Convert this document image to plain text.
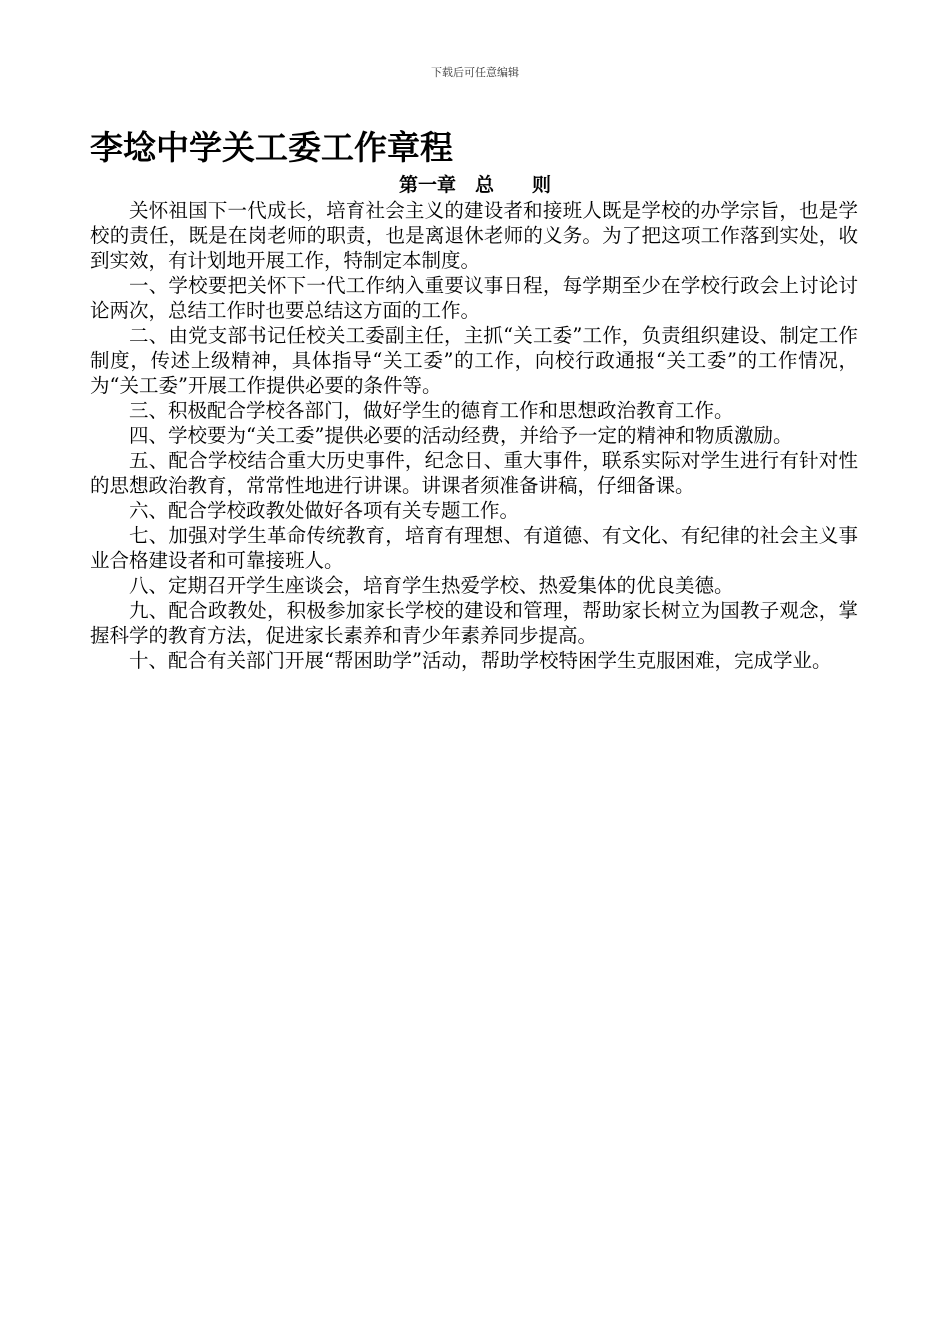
下载后可任意编辑
李埝中学关工委工作章程
第一章　总　　则

关怀祖国下一代成长，培育社会主义的建设者和接班人既是学校的办学宗旨，也是学校的责任，既是在岗老师的职责，也是离退休老师的义务。为了把这项工作落到实处，收到实效，有计划地开展工作，特制定本制度。

一、学校要把关怀下一代工作纳入重要议事日程，每学期至少在学校行政会上讨论讨论两次，总结工作时也要总结这方面的工作。

二、由党支部书记任校关工委副主任，主抓“关工委”工作，负责组织建设、制定工作制度，传述上级精神，具体指导“关工委”的工作，向校行政通报“关工委”的工作情况，为“关工委”开展工作提供必要的条件等。

三、积极配合学校各部门，做好学生的德育工作和思想政治教育工作。

四、学校要为“关工委”提供必要的活动经费，并给予一定的精神和物质激励。

五、配合学校结合重大历史事件，纪念日、重大事件，联系实际对学生进行有针对性的思想政治教育，常常性地进行讲课。讲课者须准备讲稿，仔细备课。

六、配合学校政教处做好各项有关专题工作。

七、加强对学生革命传统教育，培育有理想、有道德、有文化、有纪律的社会主义事业合格建设者和可靠接班人。

八、定期召开学生座谈会，培育学生热爱学校、热爱集体的优良美德。

九、配合政教处，积极参加家长学校的建设和管理，帮助家长树立为国教子观念，掌握科学的教育方法，促进家长素养和青少年素养同步提高。

十、配合有关部门开展“帮困助学”活动，帮助学校特困学生克服困难，完成学业。
